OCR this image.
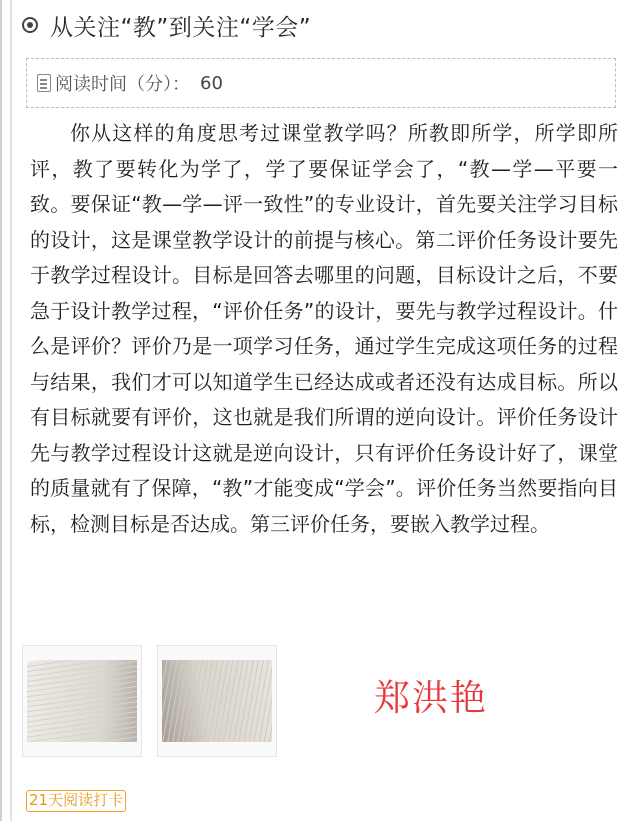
从关注“教”到关注“学会”
阅读时间（分）： 60

你从这样的角度思考过课堂教学吗？所教即所学，所学即所评，教了要转化为学了，学了要保证学会了，“教—学—平要一致。要保证“教—学—评一致性”的专业设计，首先要关注学习目标的设计，这是课堂教学设计的前提与核心。第二评价任务设计要先于教学过程设计。目标是回答去哪里的问题，目标设计之后，不要急于设计教学过程，“评价任务”的设计，要先与教学过程设计。什么是评价？评价乃是一项学习任务，通过学生完成这项任务的过程与结果，我们才可以知道学生已经达成或者还没有达成目标。所以有目标就要有评价，这也就是我们所谓的逆向设计。评价任务设计先与教学过程设计这就是逆向设计，只有评价任务设计好了，课堂的质量就有了保障，“教”才能变成“学会”。评价任务当然要指向目标，检测目标是否达成。第三评价任务，要嵌入教学过程。

郑洪艳
21天阅读打卡
